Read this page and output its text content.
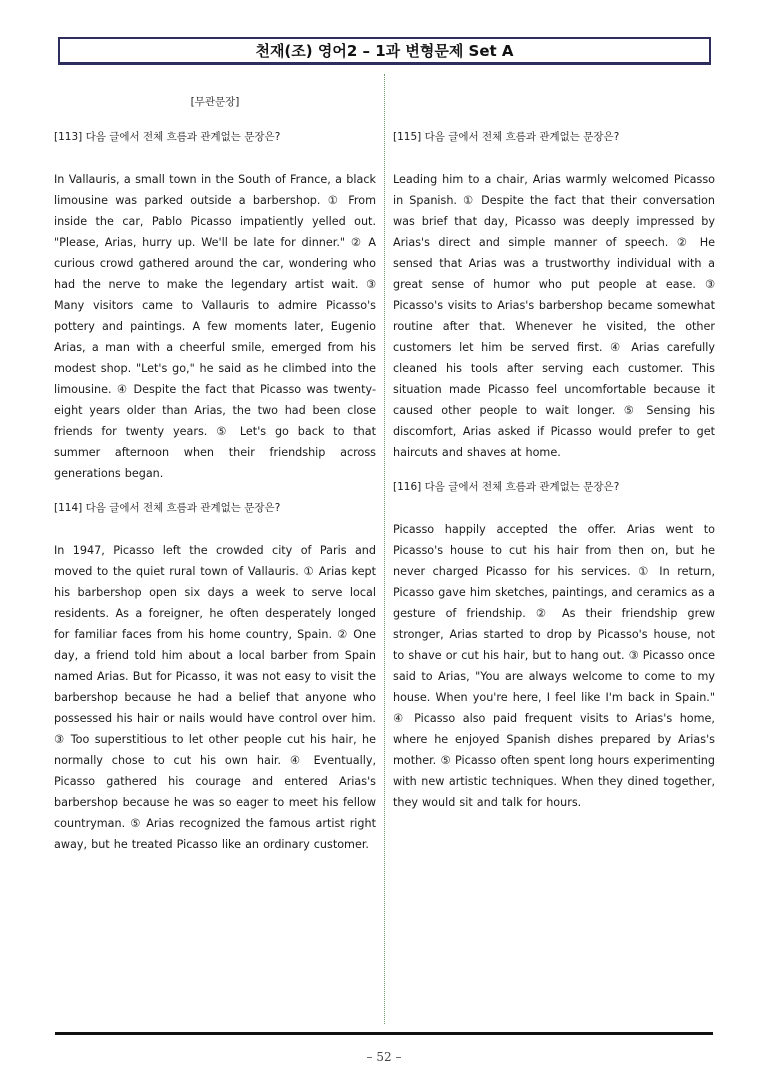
천재(조) 영어2 – 1과 변형문제 Set A
[무관문장]
[113] 다음 글에서 전체 흐름과 관계없는 문장은?

In Vallauris, a small town in the South of France, a black limousine was parked outside a barbershop. ① From inside the car, Pablo Picasso impatiently yelled out. "Please, Arias, hurry up. We'll be late for dinner." ② A curious crowd gathered around the car, wondering who had the nerve to make the legendary artist wait. ③ Many visitors came to Vallauris to admire Picasso's pottery and paintings. A few moments later, Eugenio Arias, a man with a cheerful smile, emerged from his modest shop. "Let's go," he said as he climbed into the limousine. ④ Despite the fact that Picasso was twenty-eight years older than Arias, the two had been close friends for twenty years. ⑤ Let's go back to that summer afternoon when their friendship across generations began.

[114] 다음 글에서 전체 흐름과 관계없는 문장은?

In 1947, Picasso left the crowded city of Paris and moved to the quiet rural town of Vallauris. ① Arias kept his barbershop open six days a week to serve local residents. As a foreigner, he often desperately longed for familiar faces from his home country, Spain. ② One day, a friend told him about a local barber from Spain named Arias. But for Picasso, it was not easy to visit the barbershop because he had a belief that anyone who possessed his hair or nails would have control over him. ③ Too superstitious to let other people cut his hair, he normally chose to cut his own hair. ④ Eventually, Picasso gathered his courage and entered Arias's barbershop because he was so eager to meet his fellow countryman. ⑤ Arias recognized the famous artist right away, but he treated Picasso like an ordinary customer.

[115] 다음 글에서 전체 흐름과 관계없는 문장은?

Leading him to a chair, Arias warmly welcomed Picasso in Spanish. ① Despite the fact that their conversation was brief that day, Picasso was deeply impressed by Arias's direct and simple manner of speech. ② He sensed that Arias was a trustworthy individual with a great sense of humor who put people at ease. ③ Picasso's visits to Arias's barbershop became somewhat routine after that. Whenever he visited, the other customers let him be served first. ④ Arias carefully cleaned his tools after serving each customer. This situation made Picasso feel uncomfortable because it caused other people to wait longer. ⑤ Sensing his discomfort, Arias asked if Picasso would prefer to get haircuts and shaves at home.

[116] 다음 글에서 전체 흐름과 관계없는 문장은?

Picasso happily accepted the offer. Arias went to Picasso's house to cut his hair from then on, but he never charged Picasso for his services. ① In return, Picasso gave him sketches, paintings, and ceramics as a gesture of friendship. ② As their friendship grew stronger, Arias started to drop by Picasso's house, not to shave or cut his hair, but to hang out. ③ Picasso once said to Arias, "You are always welcome to come to my house. When you're here, I feel like I'm back in Spain." ④ Picasso also paid frequent visits to Arias's home, where he enjoyed Spanish dishes prepared by Arias's mother. ⑤ Picasso often spent long hours experimenting with new artistic techniques. When they dined together, they would sit and talk for hours.

– 52 –
